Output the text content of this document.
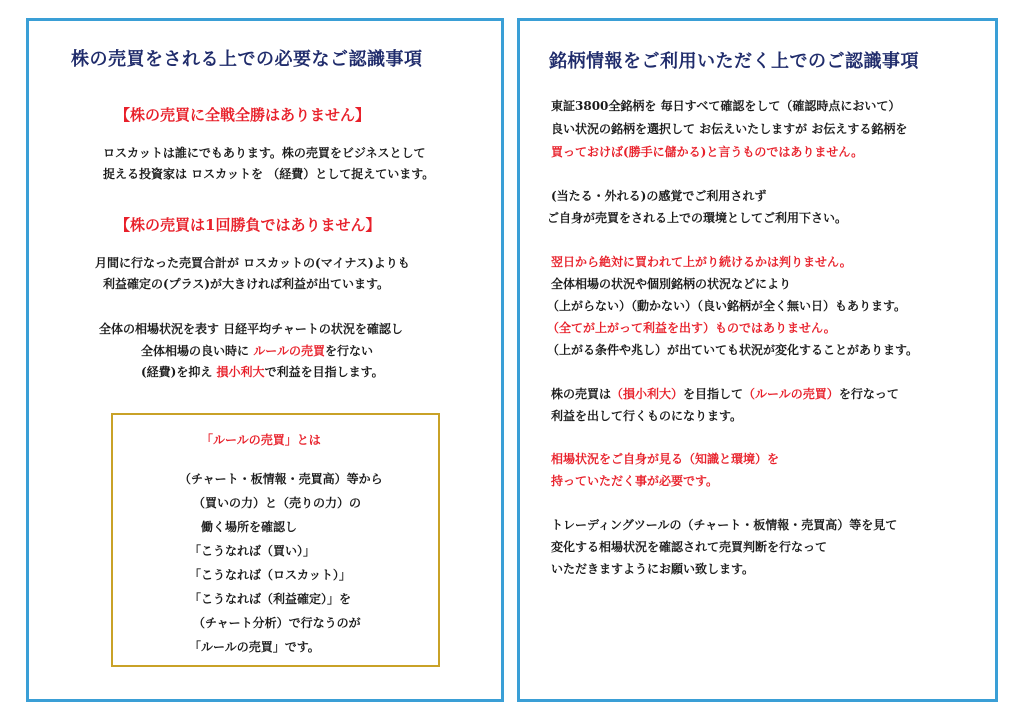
株の売買をされる上での必要なご認識事項
【株の売買に全戦全勝はありません】
ロスカットは誰にでもあります。株の売買をビジネスとして
捉える投資家は ロスカットを （経費）として捉えています。
【株の売買は1回勝負ではありません】
月間に行なった売買合計が ロスカットの(マイナス)よりも
利益確定の(プラス)が大きければ利益が出ています。
全体の相場状況を表す 日経平均チャートの状況を確認し
全体相場の良い時に ルールの売買を行ない
(経費)を抑え 損小利大で利益を目指します。
「ルールの売買」とは
（チャート・板情報・売買高）等から
（買いの力）と（売りの力）の
働く場所を確認し
「こうなれば（買い）」
「こうなれば（ロスカット）」
「こうなれば（利益確定）」を
（チャート分析）で行なうのが
「ルールの売買」です。
銘柄情報をご利用いただく上でのご認識事項
東証3800全銘柄を 毎日すべて確認をして（確認時点において）
良い状況の銘柄を選択して お伝えいたしますが お伝えする銘柄を
買っておけば(勝手に儲かる)と言うものではありません。
(当たる・外れる)の感覚でご利用されず
ご自身が売買をされる上での環境としてご利用下さい。
翌日から絶対に買われて上がり続けるかは判りません。
全体相場の状況や個別銘柄の状況などにより
（上がらない）（動かない）（良い銘柄が全く無い日）もあります。
（全てが上がって利益を出す）ものではありません。
（上がる条件や兆し）が出ていても状況が変化することがあります。
株の売買は（損小利大）を目指して（ルールの売買）を行なって
利益を出して行くものになります。
相場状況をご自身が見る（知識と環境）を
持っていただく事が必要です。
トレーディングツールの（チャート・板情報・売買高）等を見て
変化する相場状況を確認されて売買判断を行なって
いただきますようにお願い致します。
